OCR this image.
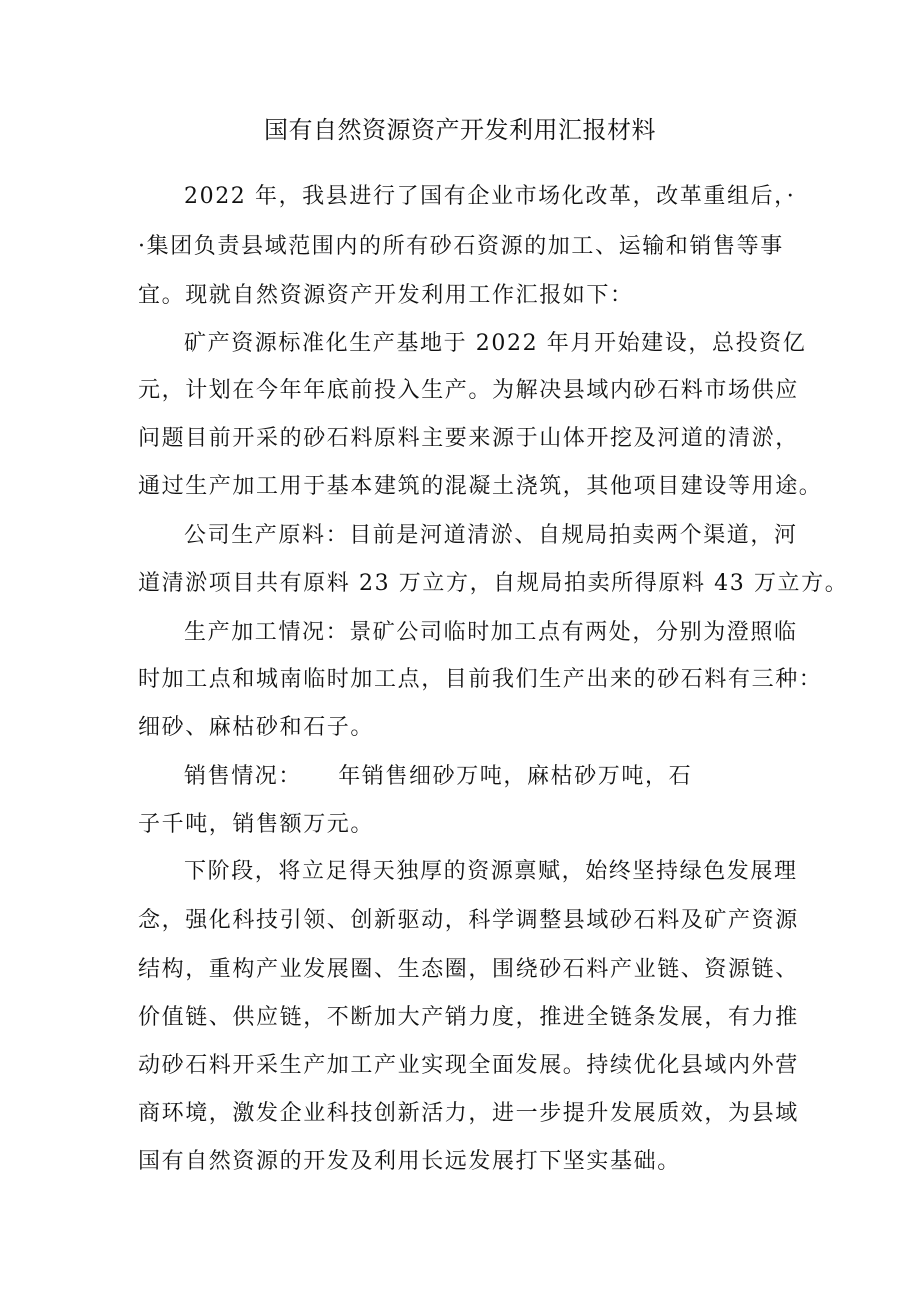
国有自然资源资产开发利用汇报材料
2022 年，我县进行了国有企业市场化改革，改革重组后，·
·集团负责县域范围内的所有砂石资源的加工、运输和销售等事
宜。现就自然资源资产开发利用工作汇报如下：
矿产资源标准化生产基地于 2022 年月开始建设，总投资亿
元，计划在今年年底前投入生产。为解决县域内砂石料市场供应
问题目前开采的砂石料原料主要来源于山体开挖及河道的清淤，
通过生产加工用于基本建筑的混凝土浇筑，其他项目建设等用途。
公司生产原料：目前是河道清淤、自规局拍卖两个渠道，河
道清淤项目共有原料 23 万立方，自规局拍卖所得原料 43 万立方。
生产加工情况：景矿公司临时加工点有两处，分别为澄照临
时加工点和城南临时加工点，目前我们生产出来的砂石料有三种：
细砂、麻枯砂和石子。
销售情况：　　年销售细砂万吨，麻枯砂万吨，石
子千吨，销售额万元。
下阶段，将立足得天独厚的资源禀赋，始终坚持绿色发展理
念，强化科技引领、创新驱动，科学调整县域砂石料及矿产资源
结构，重构产业发展圈、生态圈，围绕砂石料产业链、资源链、
价值链、供应链，不断加大产销力度，推进全链条发展，有力推
动砂石料开采生产加工产业实现全面发展。持续优化县域内外营
商环境，激发企业科技创新活力，进一步提升发展质效，为县域
国有自然资源的开发及利用长远发展打下坚实基础。
